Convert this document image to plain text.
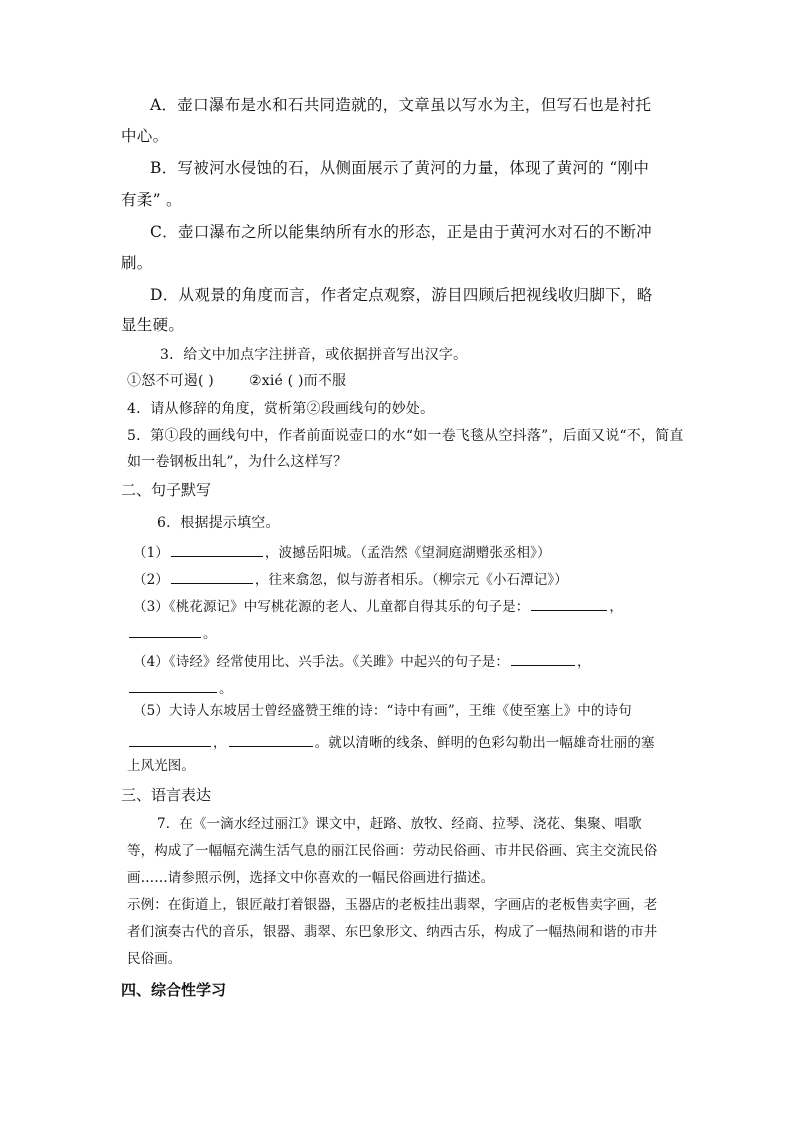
A．壶口瀑布是水和石共同造就的，文章虽以写水为主，但写石也是衬托
中心。
B．写被河水侵蚀的石，从侧面展示了黄河的力量，体现了黄河的 “刚中
有柔” 。
C．壶口瀑布之所以能集纳所有水的形态，正是由于黄河水对石的不断冲
刷。
D．从观景的角度而言，作者定点观察，游目四顾后把视线收归脚下，略
显生硬。
3．给文中加点字注拼音，或依据拼音写出汉字。
①怒不可遏( )	②xié ( )而不服
4．请从修辞的角度，赏析第②段画线句的妙处。
5．第①段的画线句中，作者前面说壶口的水“如一卷飞毯从空抖落”，后面又说“不，简直
如一卷钢板出轧”，为什么这样写？
二、句子默写
6．根据提示填空。
（1）	，波撼岳阳城。（孟浩然《望洞庭湖赠张丞相》）
（2）	，往来翕忽，似与游者相乐。（柳宗元《小石潭记》）
（3）《桃花源记》中写桃花源的老人、儿童都自得其乐的句子是：	，
。
（4）《诗经》经常使用比、兴手法。《关雎》中起兴的句子是：	，
。
（5）大诗人东坡居士曾经盛赞王维的诗：“诗中有画”，王维《使至塞上》中的诗句
，	。就以清晰的线条、鲜明的色彩勾勒出一幅雄奇壮丽的塞
上风光图。
三、语言表达
7．在《一滴水经过丽江》课文中，赶路、放牧、经商、拉琴、浇花、集聚、唱歌
等，构成了一幅幅充满生活气息的丽江民俗画：劳动民俗画、市井民俗画、宾主交流民俗
画……请参照示例，选择文中你喜欢的一幅民俗画进行描述。
示例：在街道上，银匠敲打着银器，玉器店的老板挂出翡翠，字画店的老板售卖字画，老
者们演奏古代的音乐，银器、翡翠、东巴象形文、纳西古乐，构成了一幅热闹和谐的市井
民俗画。
四、综合性学习
